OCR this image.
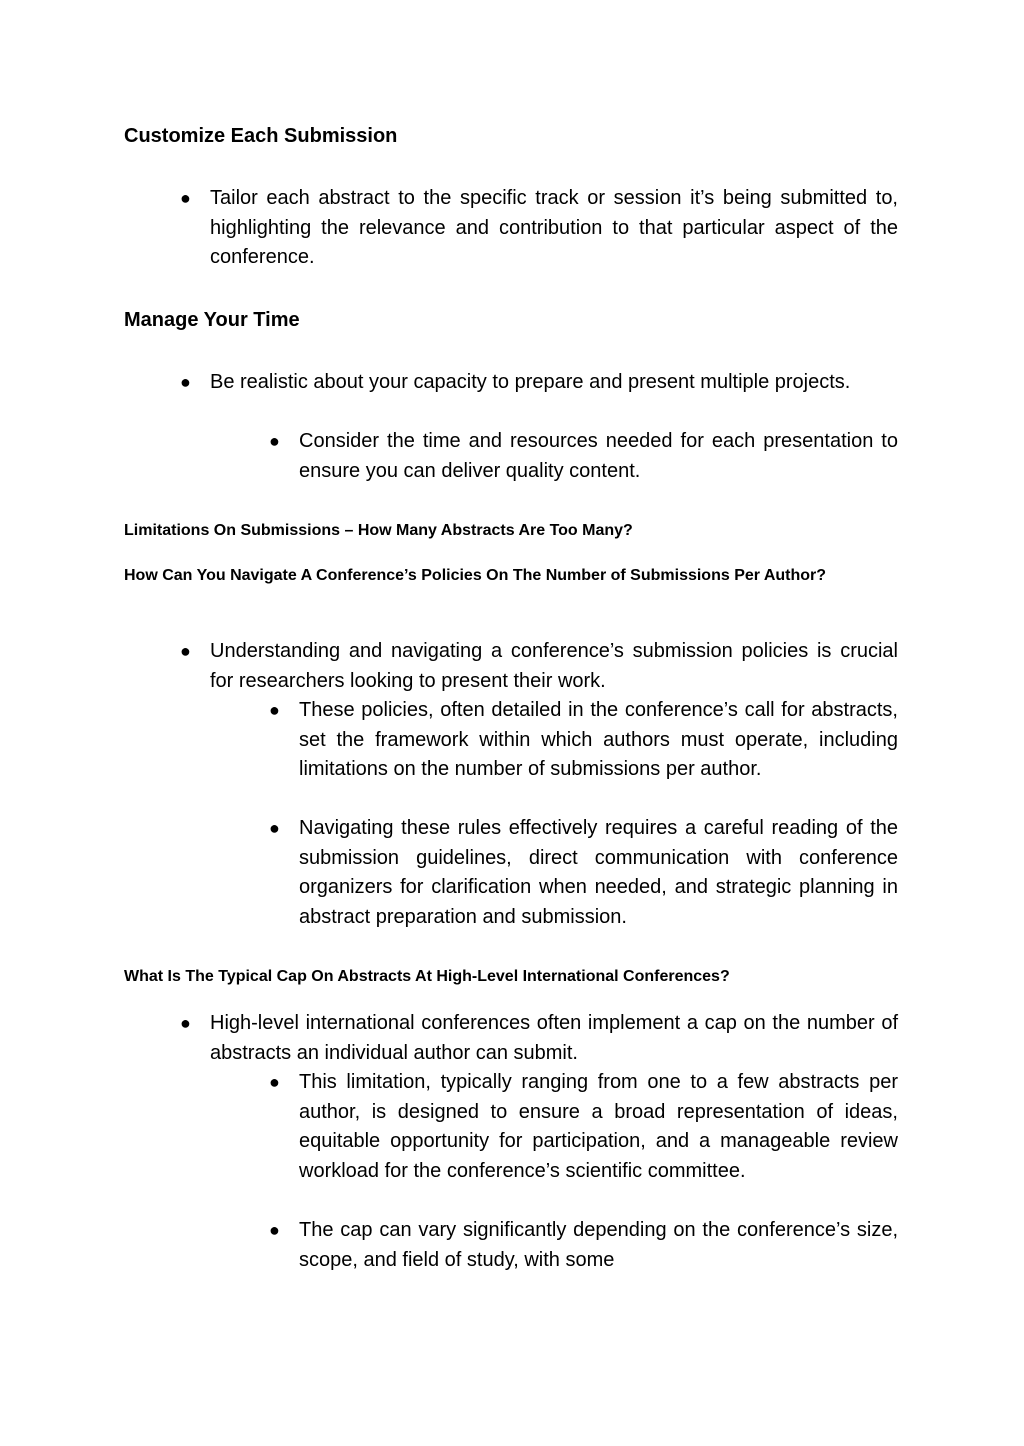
Customize Each Submission
● Tailor each abstract to the specific track or session it’s being submitted to, highlighting the relevance and contribution to that particular aspect of the conference.
Manage Your Time
● Be realistic about your capacity to prepare and present multiple projects.
● Consider the time and resources needed for each presentation to ensure you can deliver quality content.
Limitations On Submissions – How Many Abstracts Are Too Many?
How Can You Navigate A Conference’s Policies On The Number of Submissions Per Author?
● Understanding and navigating a conference’s submission policies is crucial for researchers looking to present their work.
● These policies, often detailed in the conference’s call for abstracts, set the framework within which authors must operate, including limitations on the number of submissions per author.
● Navigating these rules effectively requires a careful reading of the submission guidelines, direct communication with conference organizers for clarification when needed, and strategic planning in abstract preparation and submission.
What Is The Typical Cap On Abstracts At High-Level International Conferences?
● High-level international conferences often implement a cap on the number of abstracts an individual author can submit.
● This limitation, typically ranging from one to a few abstracts per author, is designed to ensure a broad representation of ideas, equitable opportunity for participation, and a manageable review workload for the conference’s scientific committee.
● The cap can vary significantly depending on the conference’s size, scope, and field of study, with some
